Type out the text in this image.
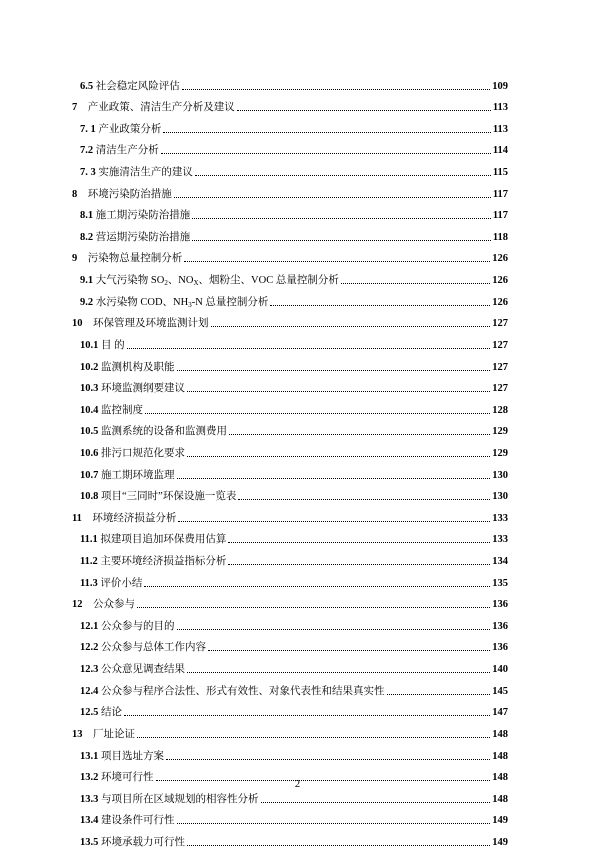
6.5 社会稳定风险评估	109
7  产业政策、清洁生产分析及建议	113
7. 1 产业政策分析	113
7.2 清洁生产分析	114
7. 3 实施清洁生产的建议	115
8  环境污染防治措施	117
8.1 施工期污染防治措施	117
8.2 营运期污染防治措施	118
9  污染物总量控制分析	126
9.1 大气污染物 $SO_2$、$NO_X$、烟粉尘、VOC 总量控制分析	126
9.2 水污染物 COD、$NH_3-N$ 总量控制分析	126
10  环保管理及环境监测计划	127
10.1 目 的	127
10.2 监测机构及职能	127
10.3 环境监测纲要建议	127
10.4 监控制度	128
10.5 监测系统的设备和监测费用	129
10.6 排污口规范化要求	129
10.7 施工期环境监理	130
10.8 项目“三同时”环保设施一览表	130
11  环境经济损益分析	133
11.1 拟建项目追加环保费用估算	133
11.2 主要环境经济损益指标分析	134
11.3 评价小结	135
12  公众参与	136
12.1 公众参与的目的	136
12.2 公众参与总体工作内容	136
12.3 公众意见调查结果	140
12.4 公众参与程序合法性、形式有效性、对象代表性和结果真实性	145
12.5 结论	147
13  厂址论证	148
13.1 项目选址方案	148
13.2 环境可行性	148
13.3 与项目所在区域规划的相容性分析	148
13.4 建设条件可行性	149
13.5 环境承载力可行性	149
2
